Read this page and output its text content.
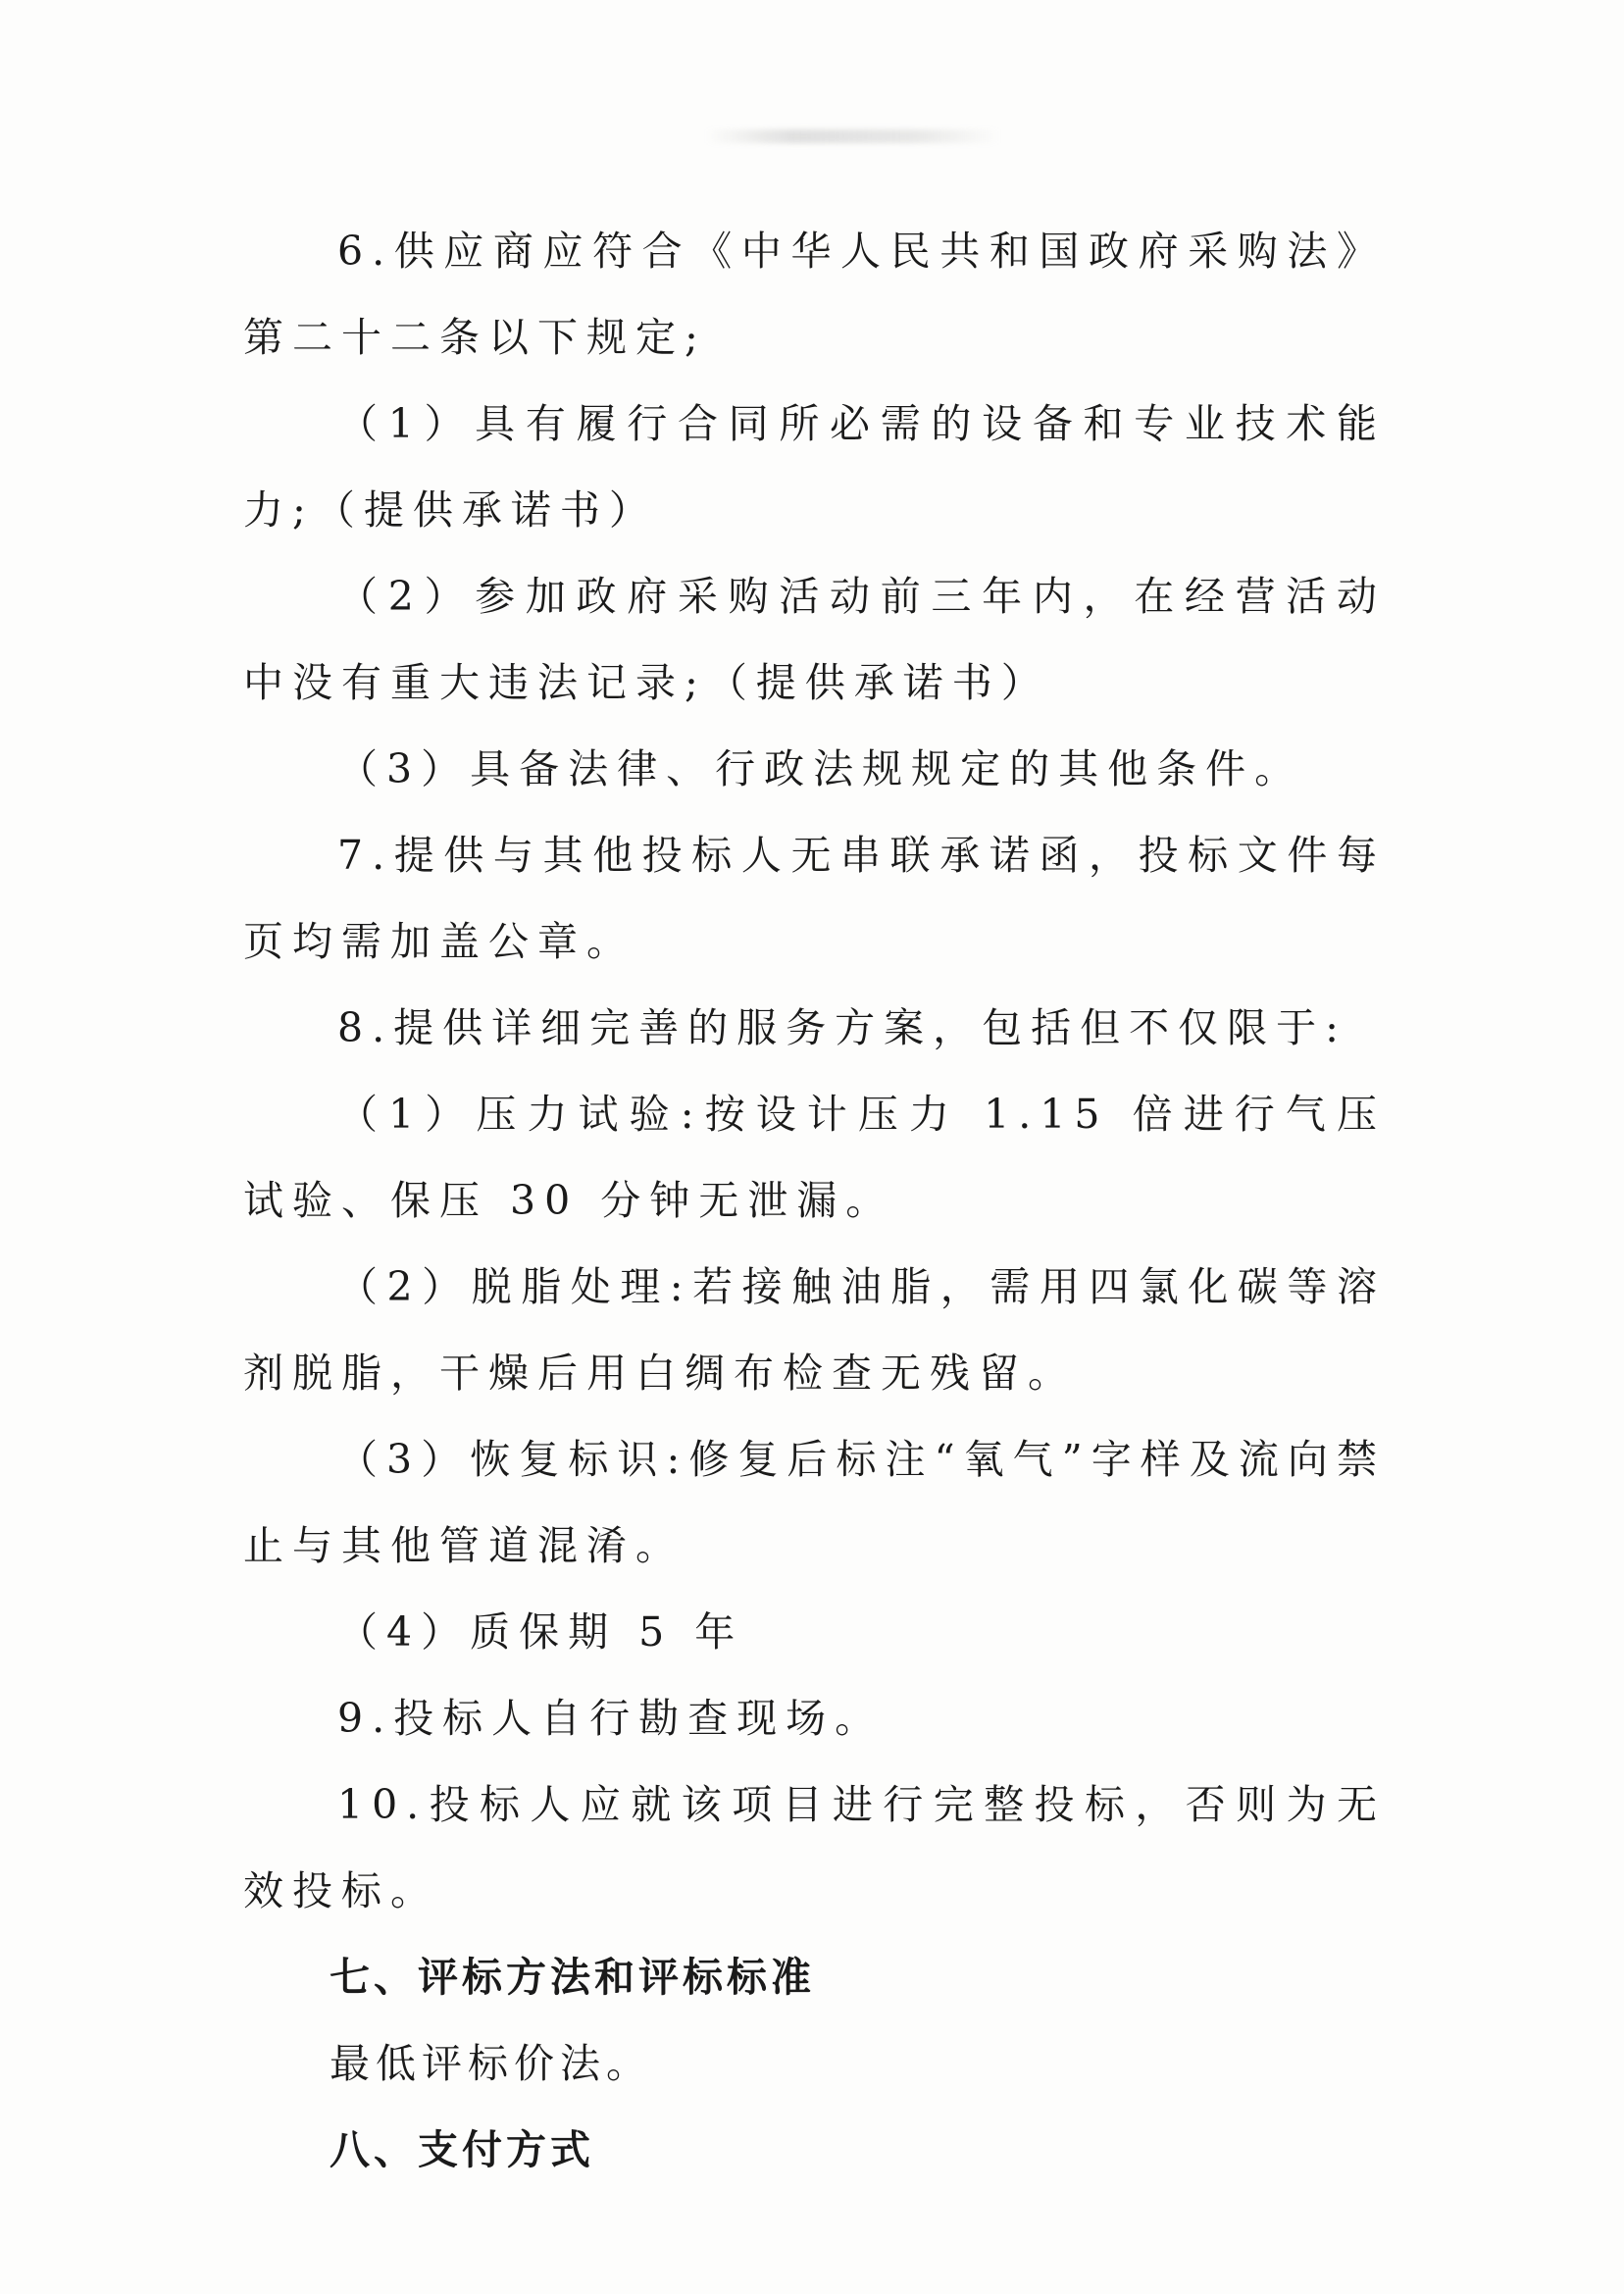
6.供应商应符合《中华人民共和国政府采购法》第二十二条以下规定;

（1）具有履行合同所必需的设备和专业技术能力;（提供承诺书）

（2）参加政府采购活动前三年内，在经营活动中没有重大违法记录;（提供承诺书）

（3）具备法律、行政法规规定的其他条件。

7.提供与其他投标人无串联承诺函，投标文件每页均需加盖公章。

8.提供详细完善的服务方案，包括但不仅限于:

（1）压力试验:按设计压力 1.15 倍进行气压试验、保压 30 分钟无泄漏。

（2）脱脂处理:若接触油脂，需用四氯化碳等溶剂脱脂，干燥后用白绸布检查无残留。

（3）恢复标识:修复后标注“氧气”字样及流向禁止与其他管道混淆。

（4）质保期 5 年

9.投标人自行勘查现场。

10.投标人应就该项目进行完整投标，否则为无效投标。

七、评标方法和评标标准

最低评标价法。

八、支付方式
